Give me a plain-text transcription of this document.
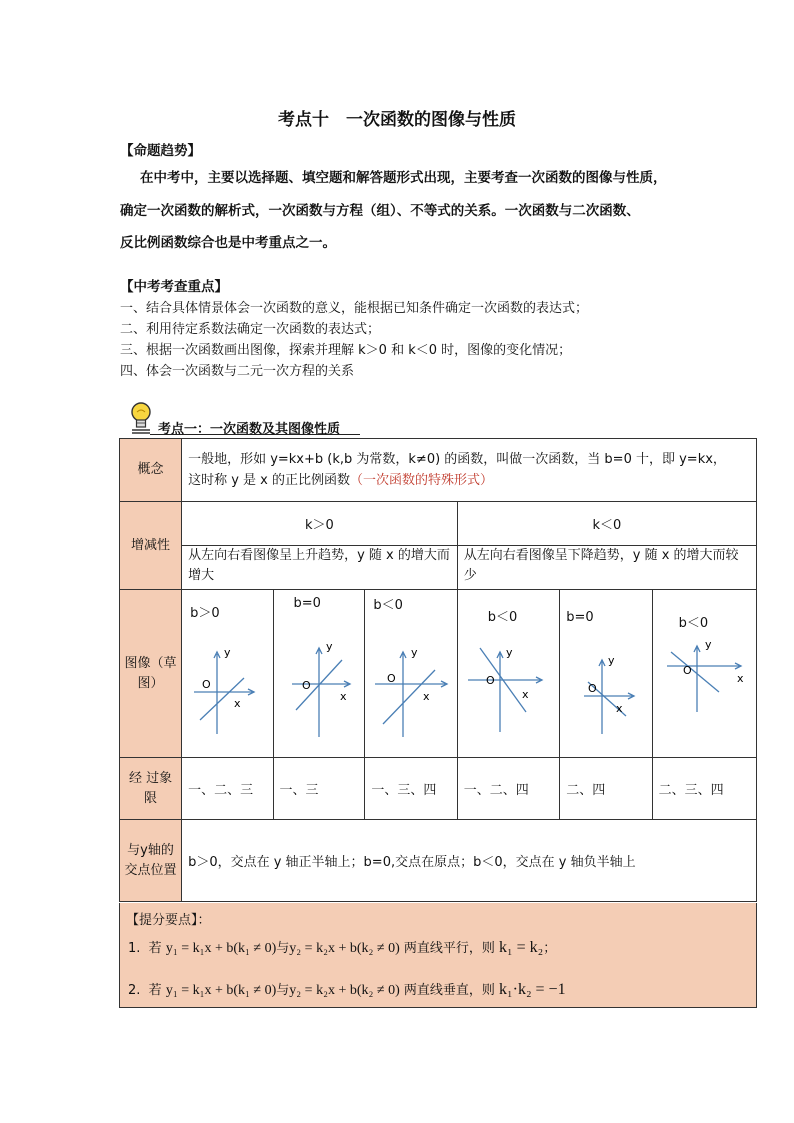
考点十　一次函数的图像与性质
【命题趋势】
在中考中，主要以选择题、填空题和解答题形式出现，主要考查一次函数的图像与性质，
确定一次函数的解析式，一次函数与方程（组）、不等式的关系。一次函数与二次函数、
反比例函数综合也是中考重点之一。
【中考考查重点】
一、结合具体情景体会一次函数的意义，能根据已知条件确定一次函数的表达式；
二、利用待定系数法确定一次函数的表达式；
三、根据一次函数画出图像，探索并理解 k＞0 和 k＜0 时，图像的变化情况；
四、体会一次函数与二元一次方程的关系
考点一：一次函数及其图像性质
概念	一般地，形如 y=kx+b (k,b 为常数，k≠0) 的函数，叫做一次函数，当 b=0 十，即 y=kx，
这时称 y 是 x 的正比例函数（一次函数的特殊形式）					
增减性	k＞0			k＜0		
	从左向右看图像呈上升趋势，y 随 x 的增大而增大			从左向右看图像呈下降趋势，y 随 x 的增大而较少		
图像（草图）	b＞0
y
O
x	b=0
y
O
x	b＜0
y
O
x	b＜0
y
O
x	b=0
y
O
x	b＜0
y
O
x

经 过象限	一、二、三	一、三	一、三、四	一、二、四	二、四	二、三、四
与y轴的交点位置	b＞0，交点在 y 轴正半轴上；b=0,交点在原点；b＜0，交点在 y 轴负半轴上					
【提分要点】：
1. 若 y₁ = k₁x + b(k₁ ≠ 0)与y₂ = k₂x + b(k₂ ≠ 0) 两直线平行，则 k₁ = k₂；
2. 若 y₁ = k₁x + b(k₁ ≠ 0)与y₂ = k₂x + b(k₂ ≠ 0) 两直线垂直，则 k₁·k₂ = −1
